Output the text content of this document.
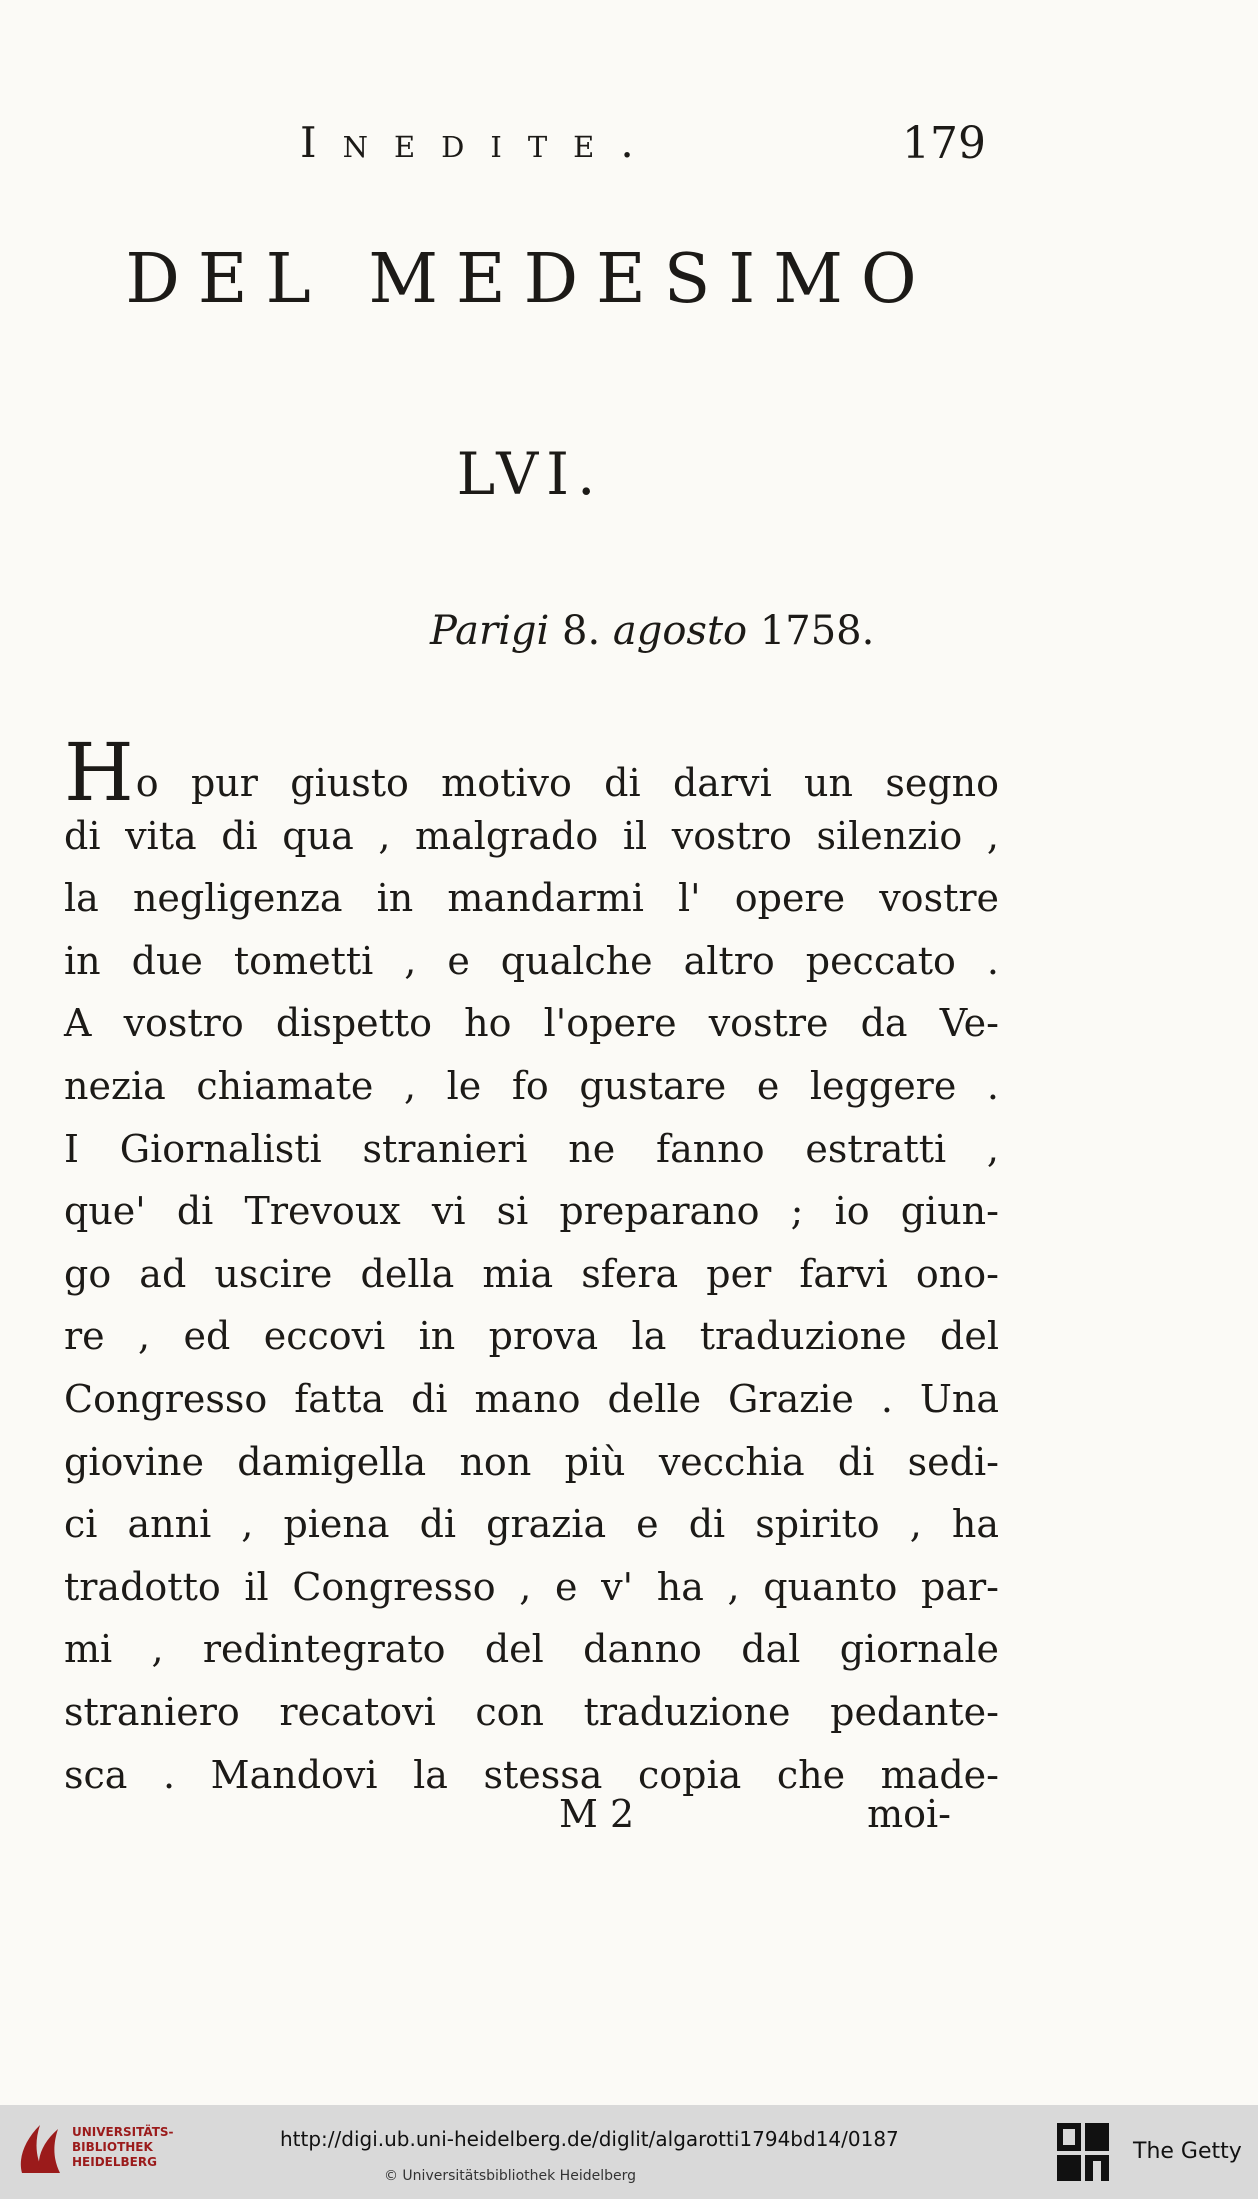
Inedite.	179
DEL MEDESIMO
LVI.
Parigi 8. agosto 1758.
Ho pur giusto motivo di darvi un segno
di vita di qua , malgrado il vostro silenzio ,
la negligenza in mandarmi l' opere vostre
in due tometti , e qualche altro peccato .
A vostro dispetto ho l'opere vostre da Ve-
nezia chiamate , le fo gustare e leggere .
I Giornalisti stranieri ne fanno estratti ,
que' di Trevoux vi si preparano ; io giun-
go ad uscire della mia sfera per farvi ono-
re , ed eccovi in prova la traduzione del
Congresso fatta di mano delle Grazie . Una
giovine damigella non più vecchia di sedi-
ci anni , piena di grazia e di spirito , ha
tradotto il Congresso , e v' ha , quanto par-
mi , redintegrato del danno dal giornale
straniero recatovi con traduzione pedante-
sca . Mandovi la stessa copia che made-
M 2	moi-
UNIVERSITÄTS-
BIBLIOTHEK
HEIDELBERG
http://digi.ub.uni-heidelberg.de/diglit/algarotti1794bd14/0187
© Universitätsbibliothek Heidelberg
The Getty
